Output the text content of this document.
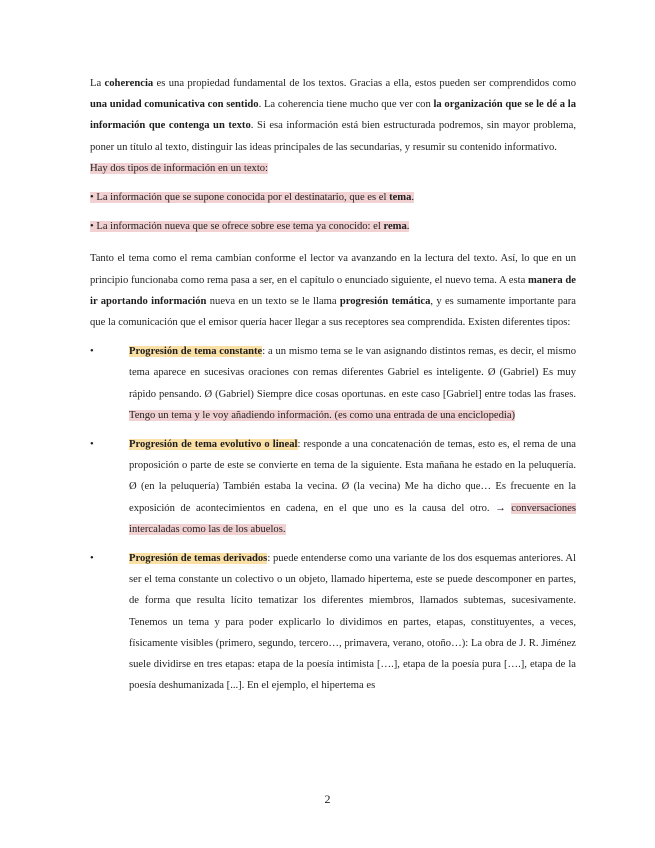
La coherencia es una propiedad fundamental de los textos. Gracias a ella, estos pueden ser comprendidos como una unidad comunicativa con sentido. La coherencia tiene mucho que ver con la organización que se le dé a la información que contenga un texto. Si esa información está bien estructurada podremos, sin mayor problema, poner un título al texto, distinguir las ideas principales de las secundarias, y resumir su contenido informativo.

Hay dos tipos de información en un texto:

• La información que se supone conocida por el destinatario, que es el tema.

• La información nueva que se ofrece sobre ese tema ya conocido: el rema.

Tanto el tema como el rema cambian conforme el lector va avanzando en la lectura del texto. Así, lo que en un principio funcionaba como rema pasa a ser, en el capítulo o enunciado siguiente, el nuevo tema. A esta manera de ir aportando información nueva en un texto se le llama progresión temática, y es sumamente importante para que la comunicación que el emisor quería hacer llegar a sus receptores sea comprendida. Existen diferentes tipos:

•	Progresión de tema constante: a un mismo tema se le van asignando distintos remas, es decir, el mismo tema aparece en sucesivas oraciones con remas diferentes Gabriel es inteligente. Ø (Gabriel) Es muy rápido pensando. Ø (Gabriel) Siempre dice cosas oportunas. en este caso [Gabriel] entre todas las frases. Tengo un tema y le voy añadiendo información. (es como una entrada de una enciclopedia)
•	Progresión de tema evolutivo o lineal: responde a una concatenación de temas, esto es, el rema de una proposición o parte de este se convierte en tema de la siguiente. Esta mañana he estado en la peluquería. Ø (en la peluquería) También estaba la vecina. Ø (la vecina) Me ha dicho que… Es frecuente en la exposición de acontecimientos en cadena, en el que uno es la causa del otro. → conversaciones intercaladas como las de los abuelos.
•	Progresión de temas derivados: puede entenderse como una variante de los dos esquemas anteriores. Al ser el tema constante un colectivo o un objeto, llamado hipertema, este se puede descomponer en partes, de forma que resulta lícito tematizar los diferentes miembros, llamados subtemas, sucesivamente. Tenemos un tema y para poder explicarlo lo dividimos en partes, etapas, constituyentes, a veces, físicamente visibles (primero, segundo, tercero…, primavera, verano, otoño…): La obra de J. R. Jiménez suele dividirse en tres etapas: etapa de la poesía intimista [….], etapa de la poesía pura [….], etapa de la poesía deshumanizada [...]. En el ejemplo, el hipertema es
2
